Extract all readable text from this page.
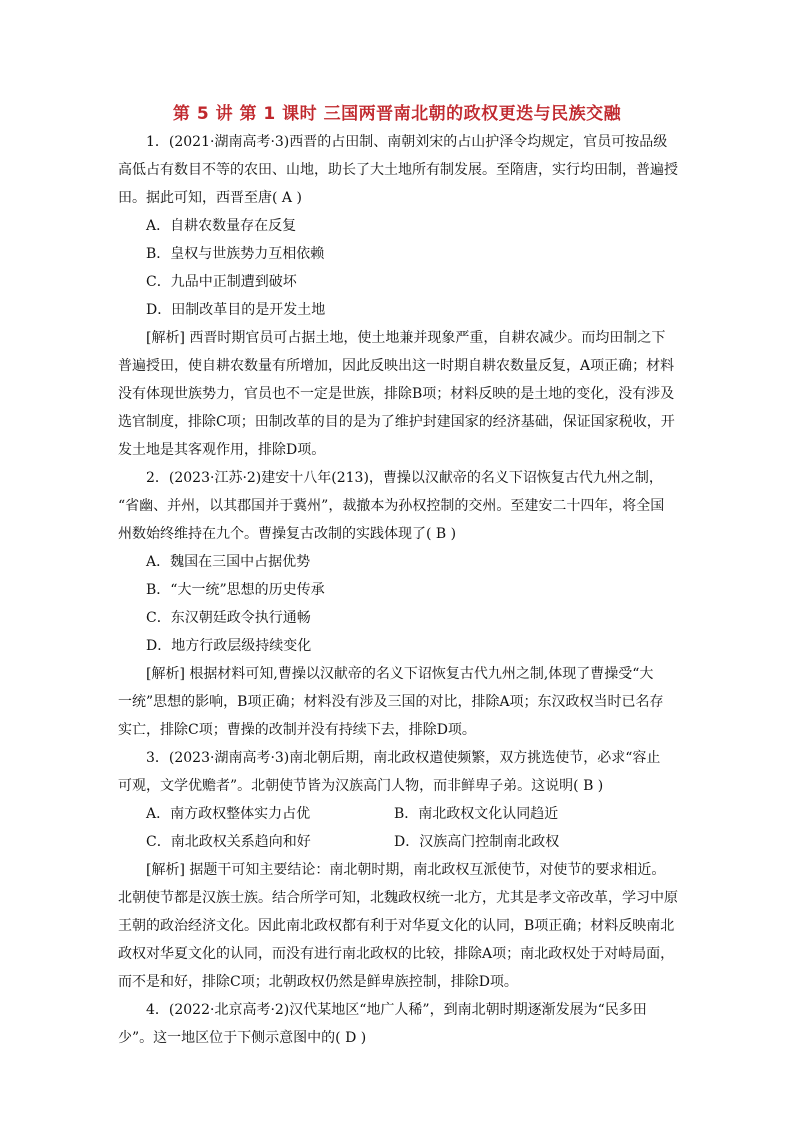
第 5 讲 第 1 课时 三国两晋南北朝的政权更迭与民族交融
1．(2021·湖南高考·3)西晋的占田制、南朝刘宋的占山护泽令均规定，官员可按品级
高低占有数目不等的农田、山地，助长了大土地所有制发展。至隋唐，实行均田制，普遍授
田。据此可知，西晋至唐( A )
A．自耕农数量存在反复
B．皇权与世族势力互相依赖
C．九品中正制遭到破坏
D．田制改革目的是开发土地
[解析] 西晋时期官员可占据土地，使土地兼并现象严重，自耕农减少。而均田制之下
普遍授田，使自耕农数量有所增加，因此反映出这一时期自耕农数量反复，A项正确；材料
没有体现世族势力，官员也不一定是世族，排除B项；材料反映的是土地的变化，没有涉及
选官制度，排除C项；田制改革的目的是为了维护封建国家的经济基础，保证国家税收，开
发土地是其客观作用，排除D项。
2．(2023·江苏·2)建安十八年(213)，曹操以汉献帝的名义下诏恢复古代九州之制，
“省幽、并州，以其郡国并于冀州”，裁撤本为孙权控制的交州。至建安二十四年，将全国
州数始终维持在九个。曹操复古改制的实践体现了( B )
A．魏国在三国中占据优势
B．“大一统”思想的历史传承
C．东汉朝廷政令执行通畅
D．地方行政层级持续变化
[解析] 根据材料可知,曹操以汉献帝的名义下诏恢复古代九州之制,体现了曹操受“大
一统”思想的影响，B项正确；材料没有涉及三国的对比，排除A项；东汉政权当时已名存
实亡，排除C项；曹操的改制并没有持续下去，排除D项。
3．(2023·湖南高考·3)南北朝后期，南北政权遣使频繁，双方挑选使节，必求“容止
可观，文学优赡者”。北朝使节皆为汉族高门人物，而非鲜卑子弟。这说明( B )
A．南方政权整体实力占优	B．南北政权文化认同趋近
C．南北政权关系趋向和好	D．汉族高门控制南北政权
[解析] 据题干可知主要结论：南北朝时期，南北政权互派使节，对使节的要求相近。
北朝使节都是汉族士族。结合所学可知，北魏政权统一北方，尤其是孝文帝改革，学习中原
王朝的政治经济文化。因此南北政权都有利于对华夏文化的认同，B项正确；材料反映南北
政权对华夏文化的认同，而没有进行南北政权的比较，排除A项；南北政权处于对峙局面，
而不是和好，排除C项；北朝政权仍然是鲜卑族控制，排除D项。
4．(2022·北京高考·2)汉代某地区“地广人稀”，到南北朝时期逐渐发展为“民多田
少”。这一地区位于下侧示意图中的( D )
